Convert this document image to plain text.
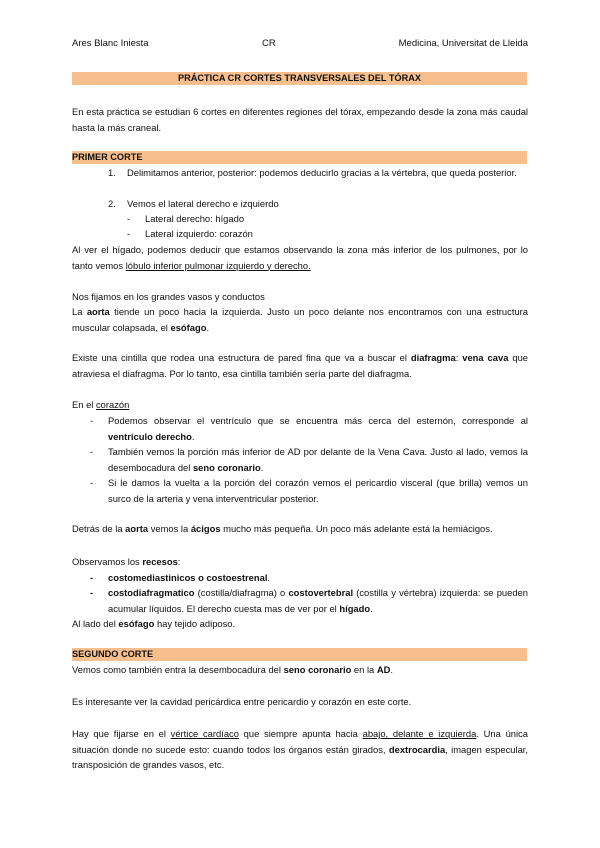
Ares Blanc Iniesta	CR	Medicina, Universitat de Lleida
PRÁCTICA CR CORTES TRANSVERSALES DEL TÓRAX
En esta práctica se estudian 6 cortes en diferentes regiones del tórax, empezando desde la zona más caudal hasta la más craneal.
PRIMER CORTE
1. Delimitamos anterior, posterior: podemos deducirlo gracias a la vértebra, que queda posterior.
2. Vemos el lateral derecho e izquierdo
- Lateral derecho: hígado
- Lateral izquierdo: corazón
Al ver el hígado, podemos deducir que estamos observando la zona más inferior de los pulmones, por lo tanto vemos lóbulo inferior pulmonar izquierdo y derecho.
Nos fijamos en los grandes vasos y conductos
La aorta tiende un poco hacia la izquierda. Justo un poco delante nos encontramos con una estructura muscular colapsada, el esófago.
Existe una cintilla que rodea una estructura de pared fina que va a buscar el diafragma: vena cava que atraviesa el diafragma. Por lo tanto, esa cintilla también sería parte del diafragma.
En el corazón
- Podemos observar el ventrículo que se encuentra más cerca del esternón, corresponde al ventrículo derecho.
- También vemos la porción más inferior de AD por delante de la Vena Cava. Justo al lado, vemos la desembocadura del seno coronario.
- Si le damos la vuelta a la porción del corazón vemos el pericardio visceral (que brilla) vemos un surco de la arteria y vena interventricular posterior.
Detrás de la aorta vemos la ácigos mucho más pequeña. Un poco más adelante está la hemiácigos.
Observamos los recesos:
- costomediastinicos o costoestrenal.
- costodiafragmatico (costilla/diafragma) o costovertebral (costilla y vértebra) izquierda: se pueden acumular líquidos. El derecho cuesta mas de ver por el hígado.
Al lado del esófago hay tejido adiposo.
SEGUNDO CORTE
Vemos como también entra la desembocadura del seno coronario en la AD.
Es interesante ver la cavidad pericárdica entre pericardio y corazón en este corte.
Hay que fijarse en el vértice cardíaco que siempre apunta hacia abajo, delante e izquierda. Una única situación donde no sucede esto: cuando todos los órganos están girados, dextrocardia, imagen especular, transposición de grandes vasos, etc.
